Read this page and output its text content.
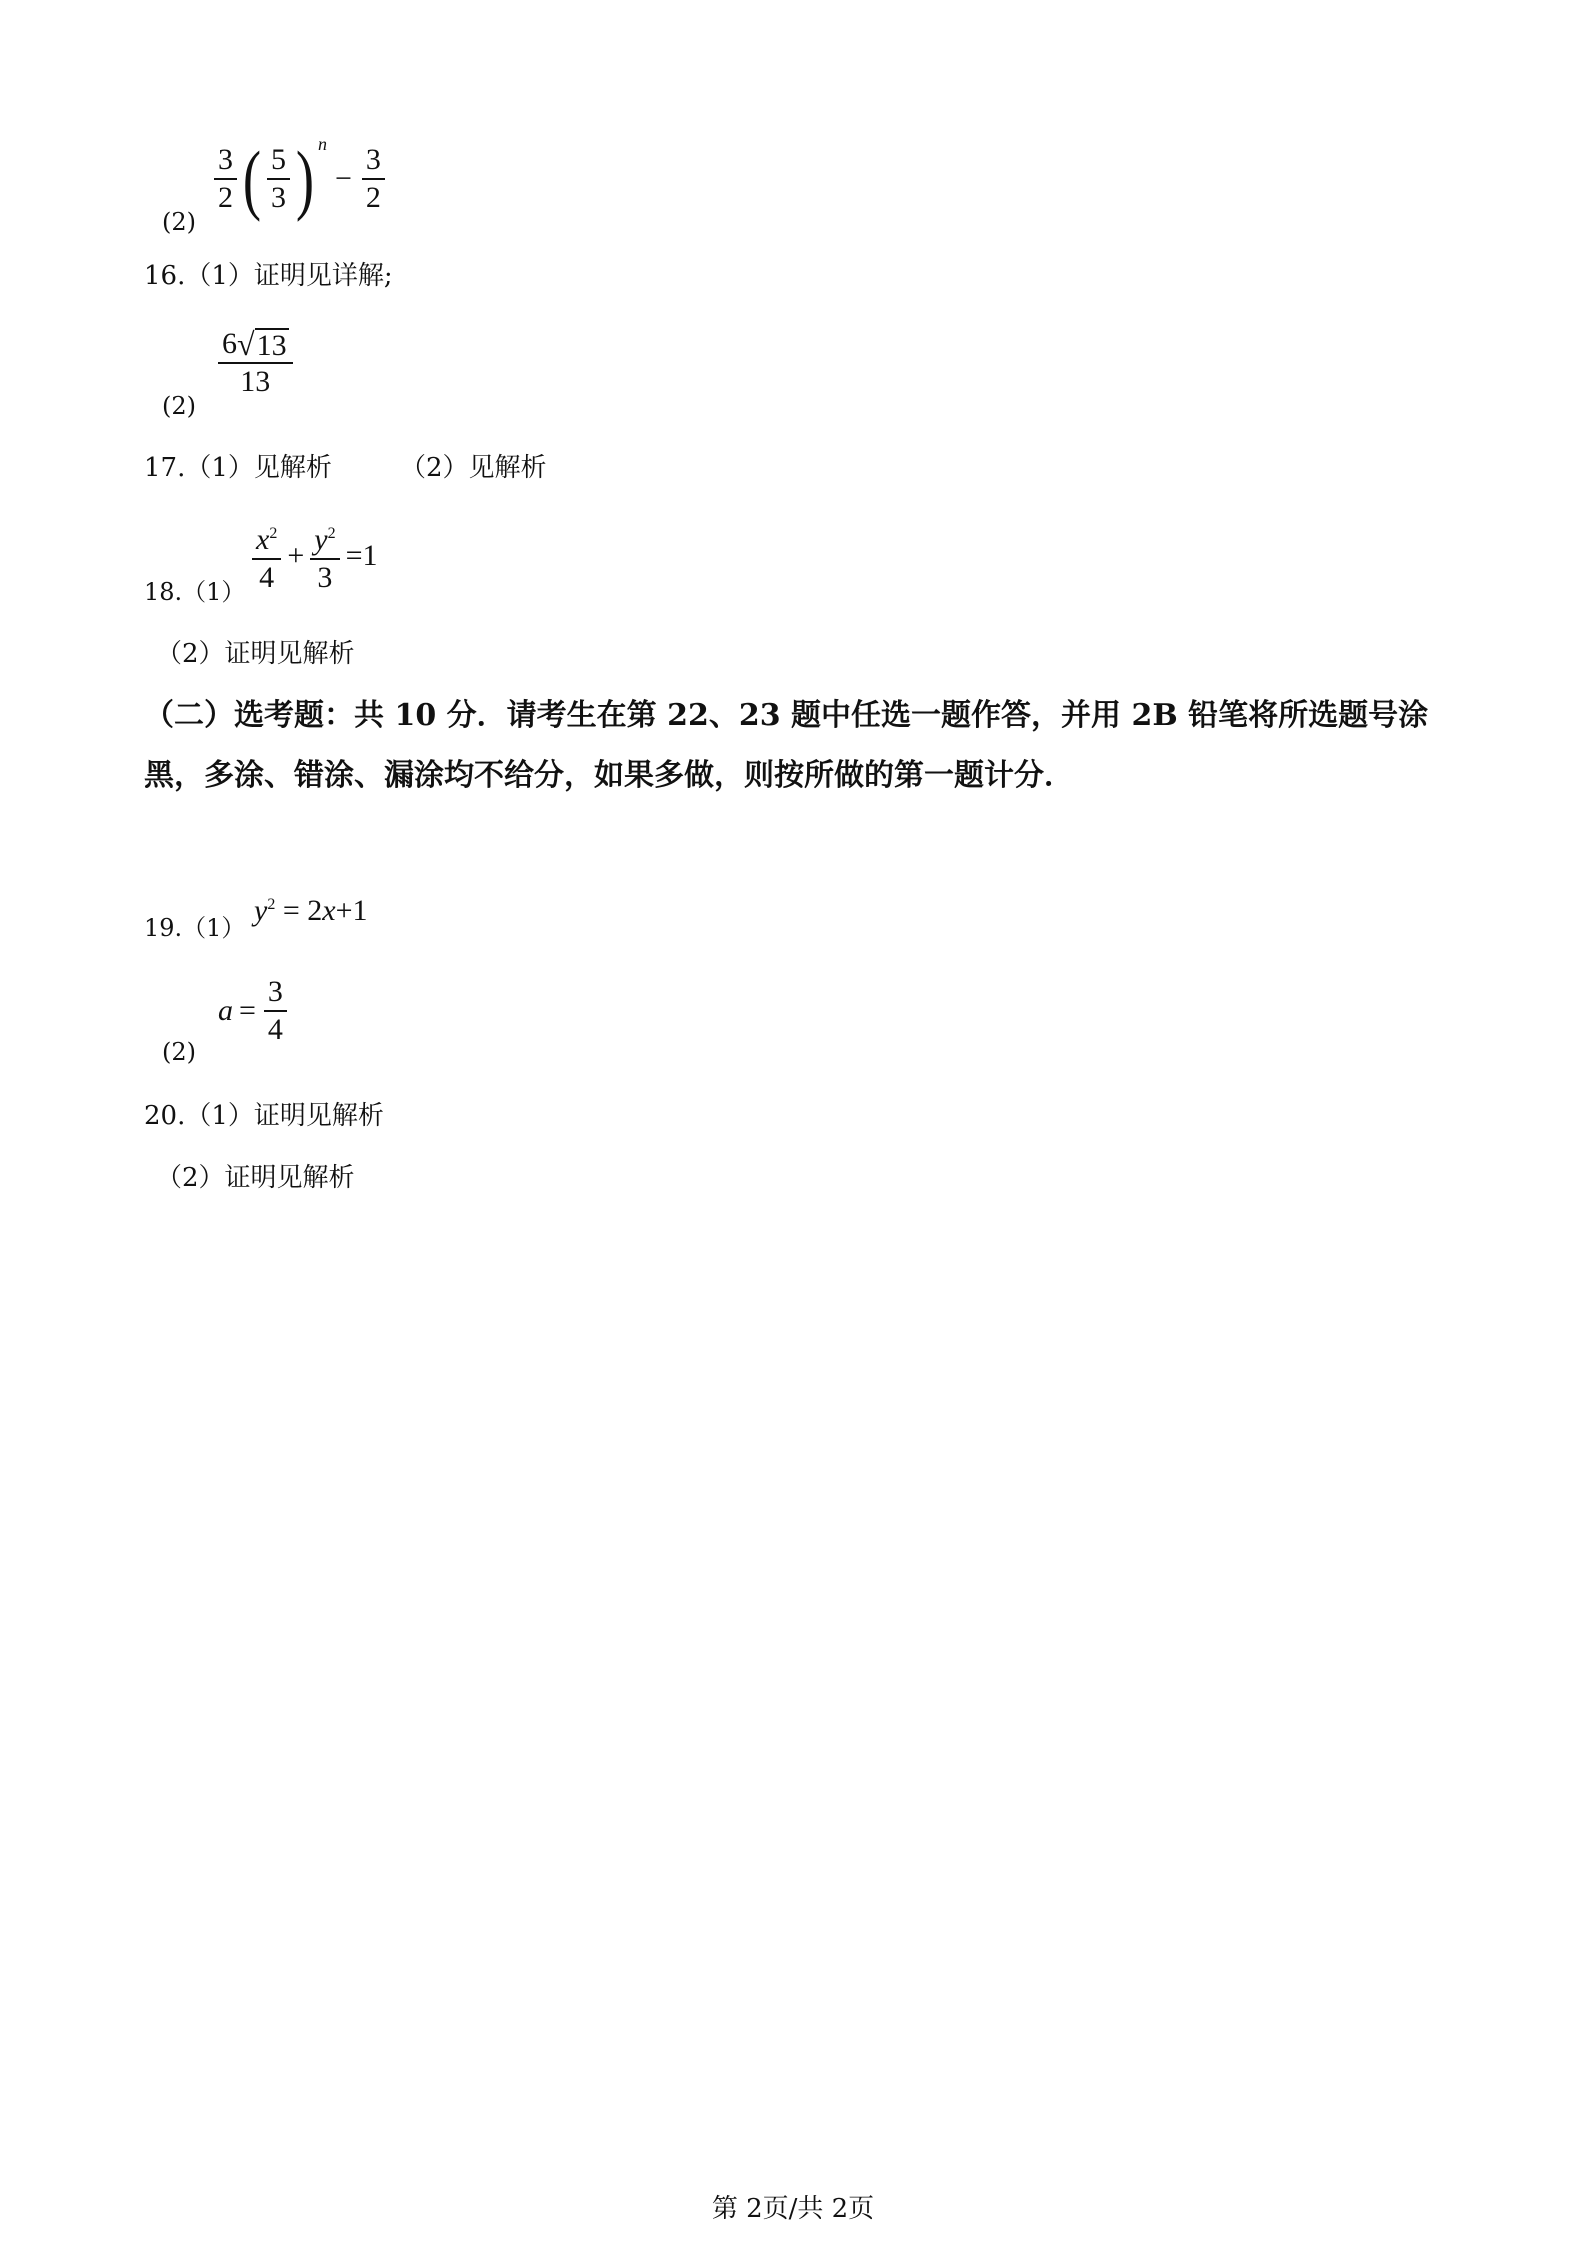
(2)
$\frac{3}{2}$ ( $\frac{5}{3}$ ) n
− $\frac{3}{2}$
16.（1）证明见详解;
(2)
$\frac{6 √ 13}{13}$
17.（1）见解析	（2）见解析
$18.(1) \frac{x^2}{4} + \frac{y^2}{3} =1$
（2）证明见解析
（二）选考题：共 10 分．请考生在第 22、23 题中任选一题作答，并用 2B 铅笔将所选题号涂
黑，多涂、错涂、漏涂均不给分，如果多做，则按所做的第一题计分．
19.（1）
$y^2 = 2x+1$
(2)
$a = \frac{3}{4}$
20.（1）证明见解析
（2）证明见解析
第 2页/共 2页
